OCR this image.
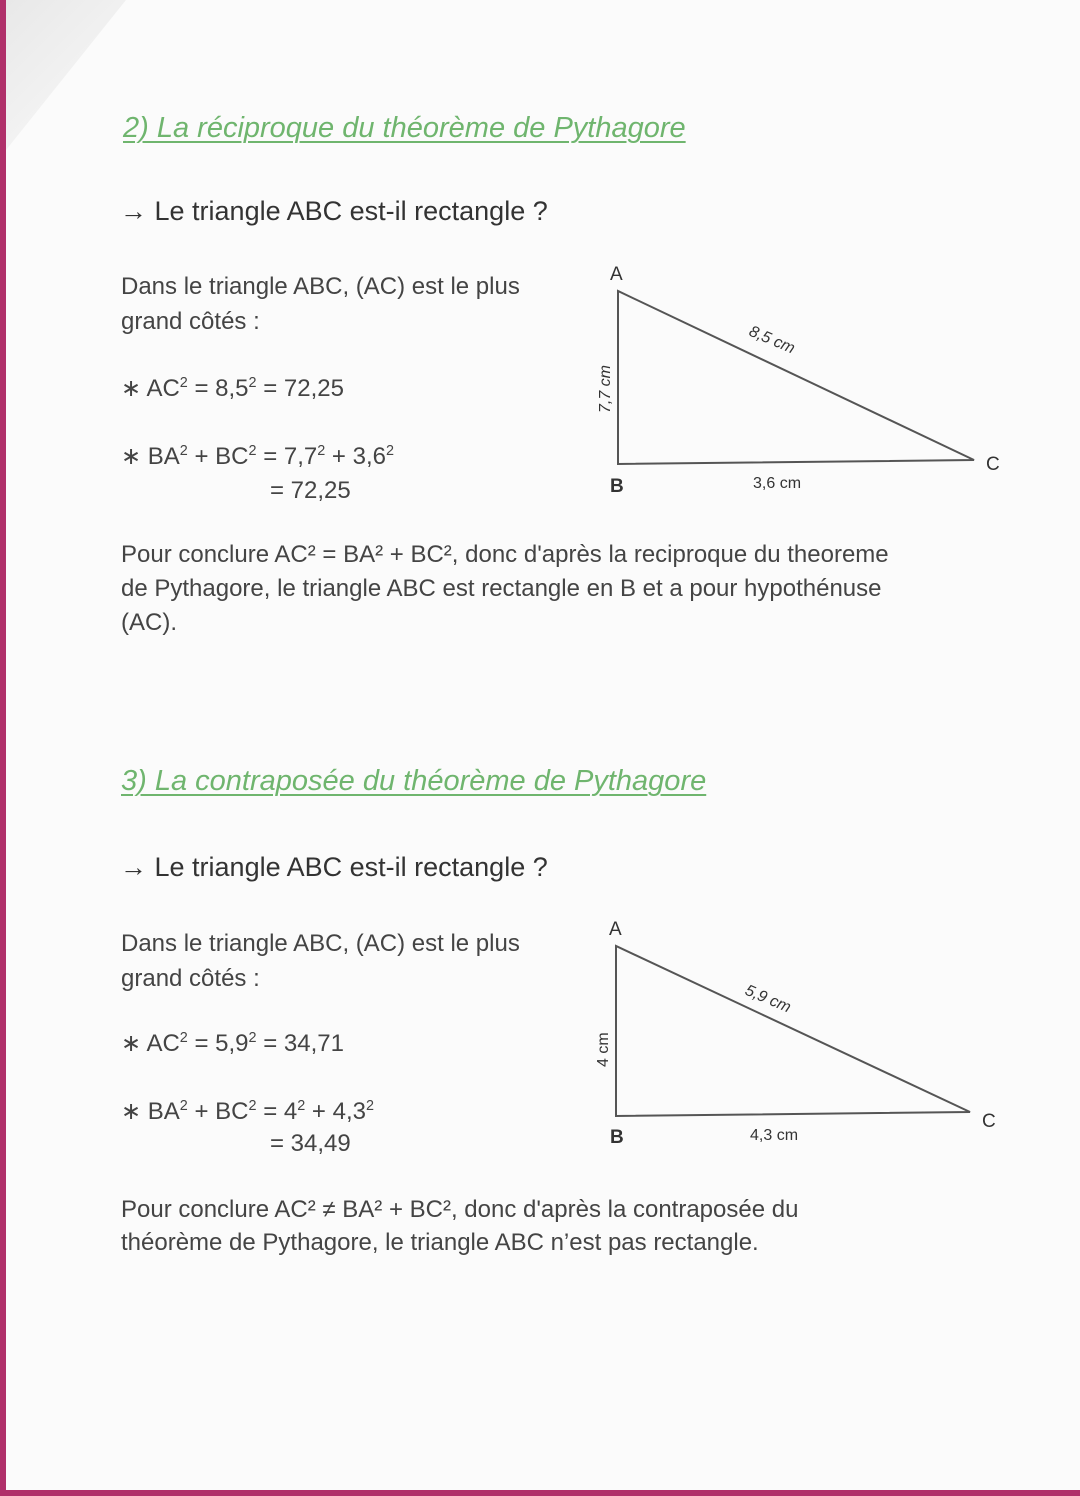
2) La réciproque du théorème de Pythagore
→ Le triangle ABC est-il rectangle ?
Dans le triangle ABC, (AC) est le plus
grand côtés :
∗ $AC^2 = 8,5^2 = 72,25$
∗ $BA^2 + BC^2 = 7,7^2 + 3,6^2$
= 72,25
A
B
C
7,7 cm
8,5 cm
3,6 cm
Pour conclure AC² = BA² + BC², donc d'après la reciproque du theoreme
de Pythagore, le triangle ABC est rectangle en B et a pour hypothénuse
(AC).
3) La contraposée du théorème de Pythagore
→ Le triangle ABC est-il rectangle ?
Dans le triangle ABC, (AC) est le plus
grand côtés :
∗ $AC^2 = 5,9^2 = 34,71$
∗ $BA^2 + BC^2 = 4^2 + 4,3^2$
= 34,49
A
B
C
4 cm
5,9 cm
4,3 cm
Pour conclure AC² ≠ BA² + BC², donc d'après la contraposée du
théorème de Pythagore, le triangle ABC n’est pas rectangle.
